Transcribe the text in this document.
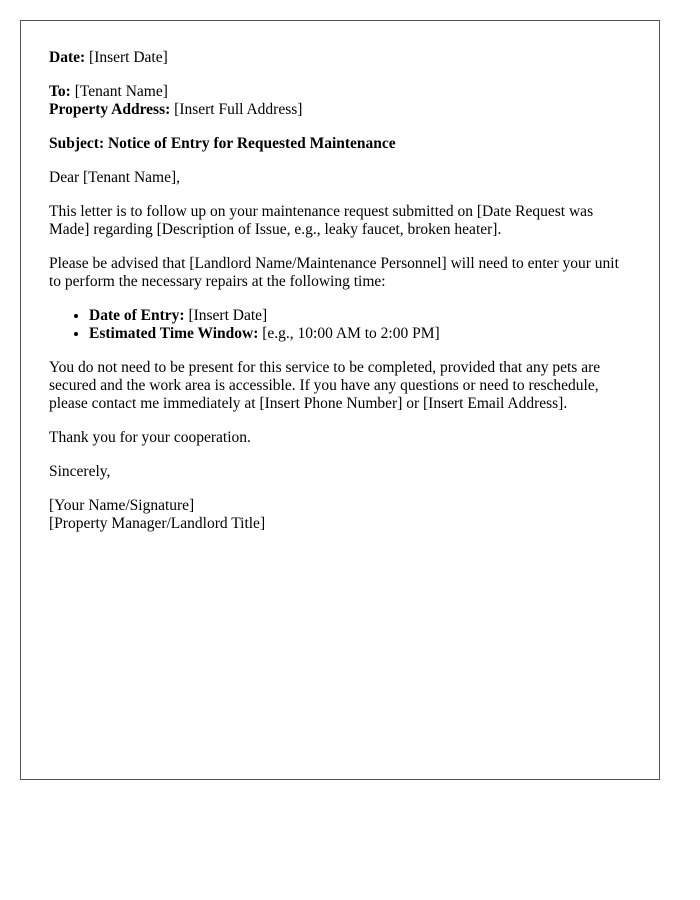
Date: [Insert Date]

To: [Tenant Name]

Property Address: [Insert Full Address]

Subject: Notice of Entry for Requested Maintenance

Dear [Tenant Name],

This letter is to follow up on your maintenance request submitted on [Date Request was Made] regarding [Description of Issue, e.g., leaky faucet, broken heater].

Please be advised that [Landlord Name/Maintenance Personnel] will need to enter your unit to perform the necessary repairs at the following time:

• Date of Entry: [Insert Date]
• Estimated Time Window: [e.g., 10:00 AM to 2:00 PM]

You do not need to be present for this service to be completed, provided that any pets are secured and the work area is accessible. If you have any questions or need to reschedule, please contact me immediately at [Insert Phone Number] or [Insert Email Address].

Thank you for your cooperation.

Sincerely,

[Your Name/Signature]

[Property Manager/Landlord Title]
